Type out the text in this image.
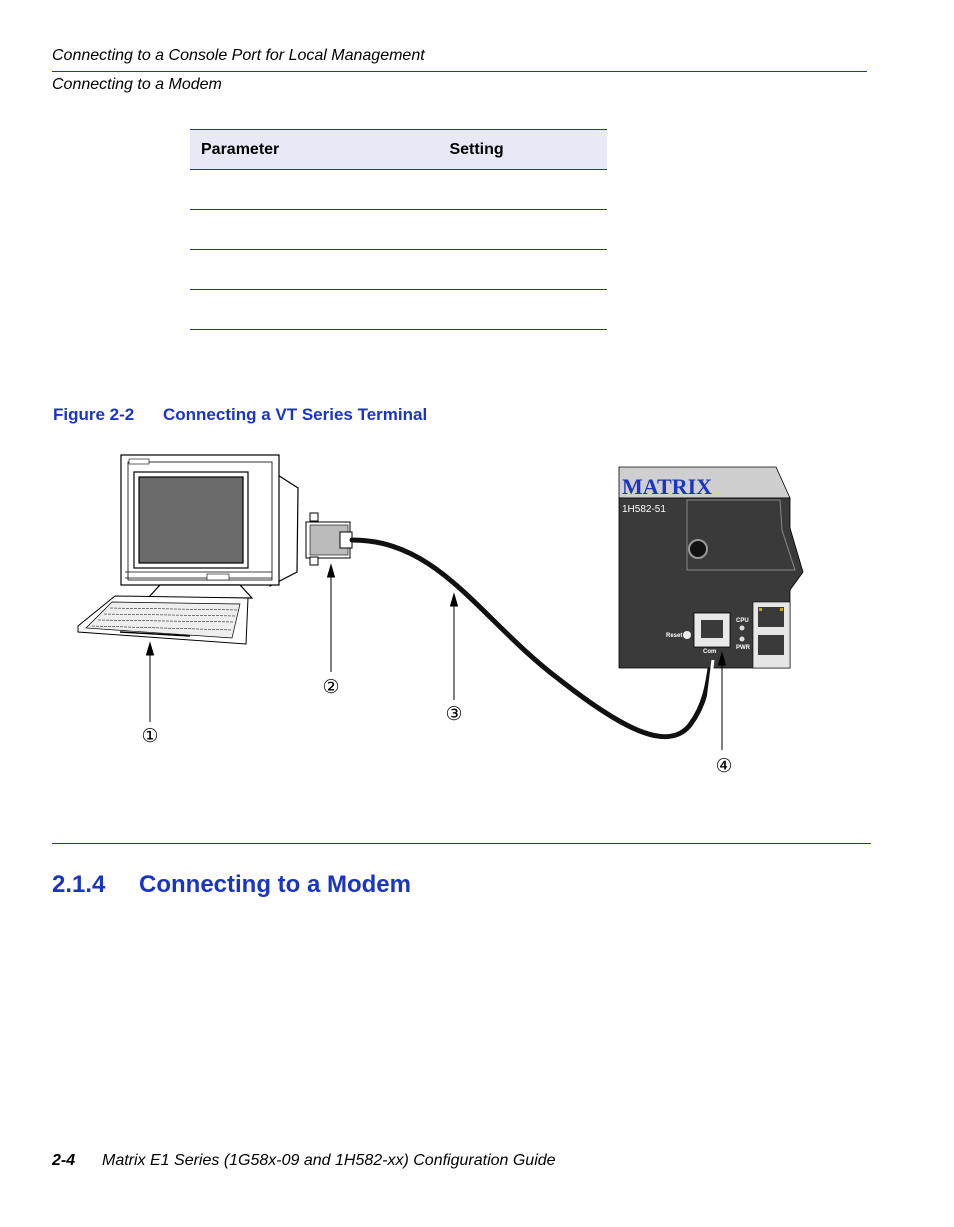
Connecting to a Console Port for Local Management
Connecting to a Modem
Parameter	Setting

Figure 2-2 Connecting a VT Series Terminal
MATRIX
1H582-51
Reset
Com
CPU
PWR
①
②
③
④
2.1.4 Connecting to a Modem
2-4 Matrix E1 Series (1G58x-09 and 1H582-xx) Configuration Guide
